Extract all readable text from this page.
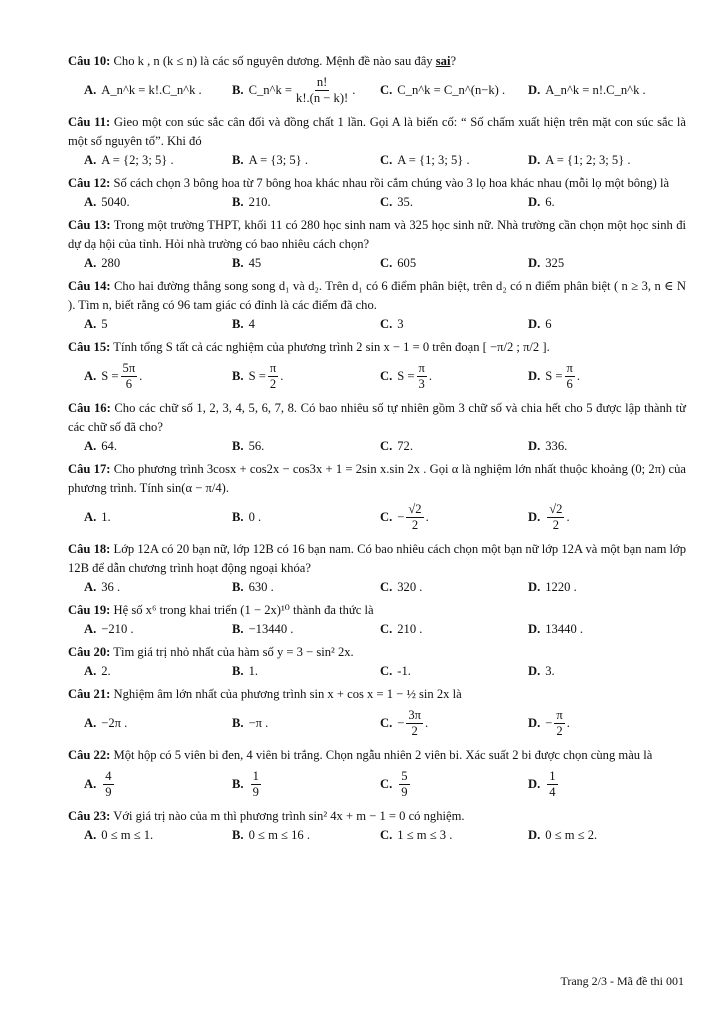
Câu 10: Cho k , n (k ≤ n) là các số nguyên dương. Mệnh đề nào sau đây sai?
A. A_n^k = k!.C_n^k . B. C_n^k = $\frac{n!}{k!.(n - k)!}$ . C. C_n^k = C_n^(n−k) . D. A_n^k = n!.C_n^k .
Câu 11: Gieo một con súc sắc cân đối và đồng chất 1 lần. Gọi A là biến cố: “ Số chấm xuất hiện trên mặt con súc sắc là một số nguyên tố”. Khi đó
A. A = {2; 3; 5} .	B. A = {3; 5} .	C. A = {1; 3; 5} .	D. A = {1; 2; 3; 5} .
Câu 12: Số cách chọn 3 bông hoa từ 7 bông hoa khác nhau rồi cắm chúng vào 3 lọ hoa khác nhau (mỗi lọ một bông) là
A. 5040.	B. 210.	C. 35.	D. 6.
Câu 13: Trong một trường THPT, khối 11 có 280 học sinh nam và 325 học sinh nữ. Nhà trường cần chọn một học sinh đi dự dạ hội của tỉnh. Hỏi nhà trường có bao nhiêu cách chọn?
A. 280	B. 45	C. 605	D. 325
Câu 14: Cho hai đường thẳng song song d₁ và d₂. Trên d₁ có 6 điểm phân biệt, trên d₂ có n điểm phân biệt ( n ≥ 3, n ∈ N ). Tìm n, biết rằng có 96 tam giác có đỉnh là các điểm đã cho.
A. 5	B. 4	C. 3	D. 6
Câu 15: Tính tổng S tất cả các nghiệm của phương trình 2 sin x − 1 = 0 trên đoạn [ −π/2 ; π/2 ].
A. $S = \frac{5\pi}{6}$ .	B. $S = \frac{\pi}{2}$ .	C. $S = \frac{\pi}{3}$ .	D. $S = \frac{\pi}{6}$ .
Câu 16: Cho các chữ số 1, 2, 3, 4, 5, 6, 7, 8. Có bao nhiêu số tự nhiên gồm 3 chữ số và chia hết cho 5 được lập thành từ các chữ số đã cho?
A. 64.	B. 56.	C. 72.	D. 336.
Câu 17: Cho phương trình 3cosx + cos2x − cos3x + 1 = 2sin x.sin 2x . Gọi α là nghiệm lớn nhất thuộc khoảng (0; 2π) của phương trình. Tính sin(α − π/4).
A. 1.	B. 0 .	C. − $\frac{√2}{2}$ .	D. $\frac{√2}{2}$ .
Câu 18: Lớp 12A có 20 bạn nữ, lớp 12B có 16 bạn nam. Có bao nhiêu cách chọn một bạn nữ lớp 12A và một bạn nam lớp 12B để dẫn chương trình hoạt động ngoại khóa?
A. 36 .	B. 630 .	C. 320 .	D. 1220 .
Câu 19: Hệ số x⁶ trong khai triển (1 − 2x)¹⁰ thành đa thức là
A. −210 .	B. −13440 .	C. 210 .	D. 13440 .
Câu 20: Tìm giá trị nhỏ nhất của hàm số y = 3 − sin² 2x.
A. 2.	B. 1.	C. -1.	D. 3.
Câu 21: Nghiệm âm lớn nhất của phương trình sin x + cos x = 1 − ½ sin 2x là
A. −2π .	B. −π .	C. − $\frac{3\pi}{2}$ .	D. − $\frac{\pi}{2}$ .
Câu 22: Một hộp có 5 viên bi đen, 4 viên bi trắng. Chọn ngẫu nhiên 2 viên bi. Xác suất 2 bi được chọn cùng màu là
A. $\frac{4}{9}$	B. $\frac{1}{9}$	C. $\frac{5}{9}$	D. $\frac{1}{4}$
Câu 23: Với giá trị nào của m thì phương trình sin² 4x + m − 1 = 0 có nghiệm.
A. 0 ≤ m ≤ 1.	B. 0 ≤ m ≤ 16 .	C. 1 ≤ m ≤ 3 .	D. 0 ≤ m ≤ 2.
Trang 2/3 - Mã đề thi 001
